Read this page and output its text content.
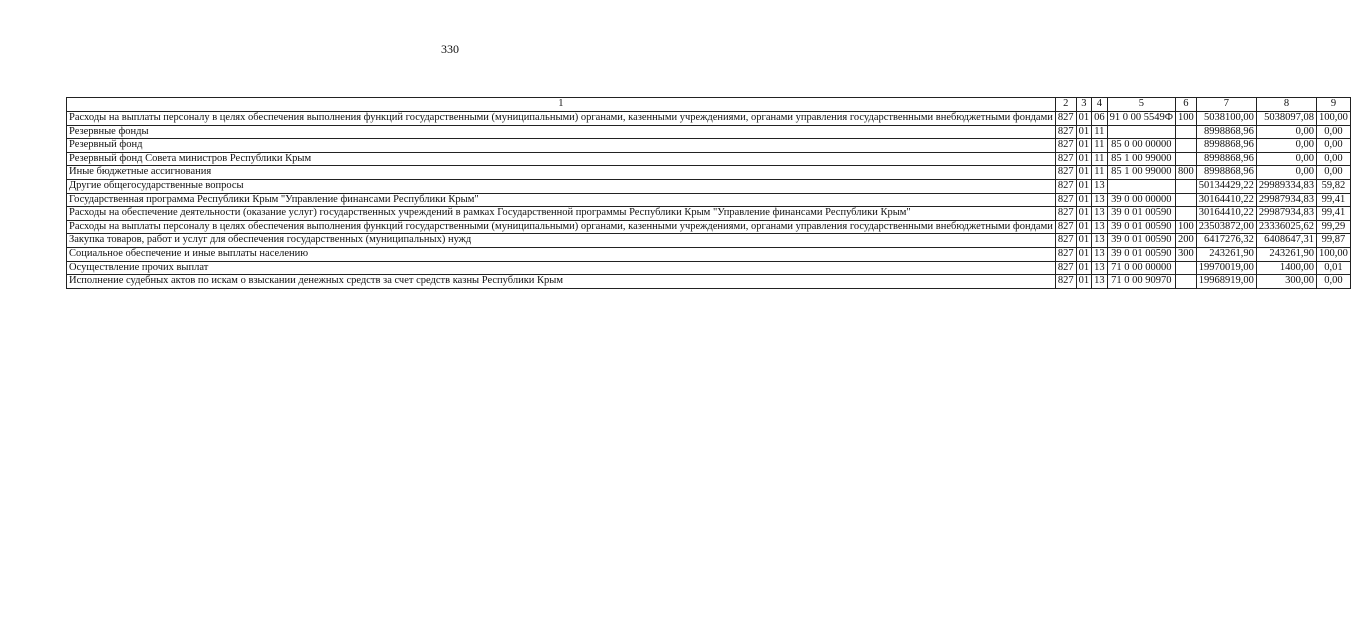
330
1	2	3	4	5	6	7	8	9
Расходы на выплаты персоналу в целях обеспечения выполнения функций государственными (муниципальными) органами, казенными учреждениями, органами управления государственными внебюджетными фондами	827	01	06	91 0 00 5549Ф	100	5038100,00	5038097,08	100,00
Резервные фонды	827	01	11			8998868,96	0,00	0,00
Резервный фонд	827	01	11	85 0 00 00000		8998868,96	0,00	0,00
Резервный фонд Совета министров Республики Крым	827	01	11	85 1 00 99000		8998868,96	0,00	0,00
Иные бюджетные ассигнования	827	01	11	85 1 00 99000	800	8998868,96	0,00	0,00
Другие общегосударственные вопросы	827	01	13			50134429,22	29989334,83	59,82
Государственная программа Республики Крым "Управление финансами Республики Крым"	827	01	13	39 0 00 00000		30164410,22	29987934,83	99,41
Расходы на обеспечение деятельности (оказание услуг) государственных учреждений в рамках Государственной программы Республики Крым "Управление финансами Республики Крым"	827	01	13	39 0 01 00590		30164410,22	29987934,83	99,41
Расходы на выплаты персоналу в целях обеспечения выполнения функций государственными (муниципальными) органами, казенными учреждениями, органами управления государственными внебюджетными фондами	827	01	13	39 0 01 00590	100	23503872,00	23336025,62	99,29
Закупка товаров, работ и услуг для обеспечения государственных (муниципальных) нужд	827	01	13	39 0 01 00590	200	6417276,32	6408647,31	99,87
Социальное обеспечение и иные выплаты населению	827	01	13	39 0 01 00590	300	243261,90	243261,90	100,00
Осуществление прочих выплат	827	01	13	71 0 00 00000		19970019,00	1400,00	0,01
Исполнение судебных актов по искам о взыскании денежных средств за счет средств казны Республики Крым	827	01	13	71 0 00 90970		19968919,00	300,00	0,00
